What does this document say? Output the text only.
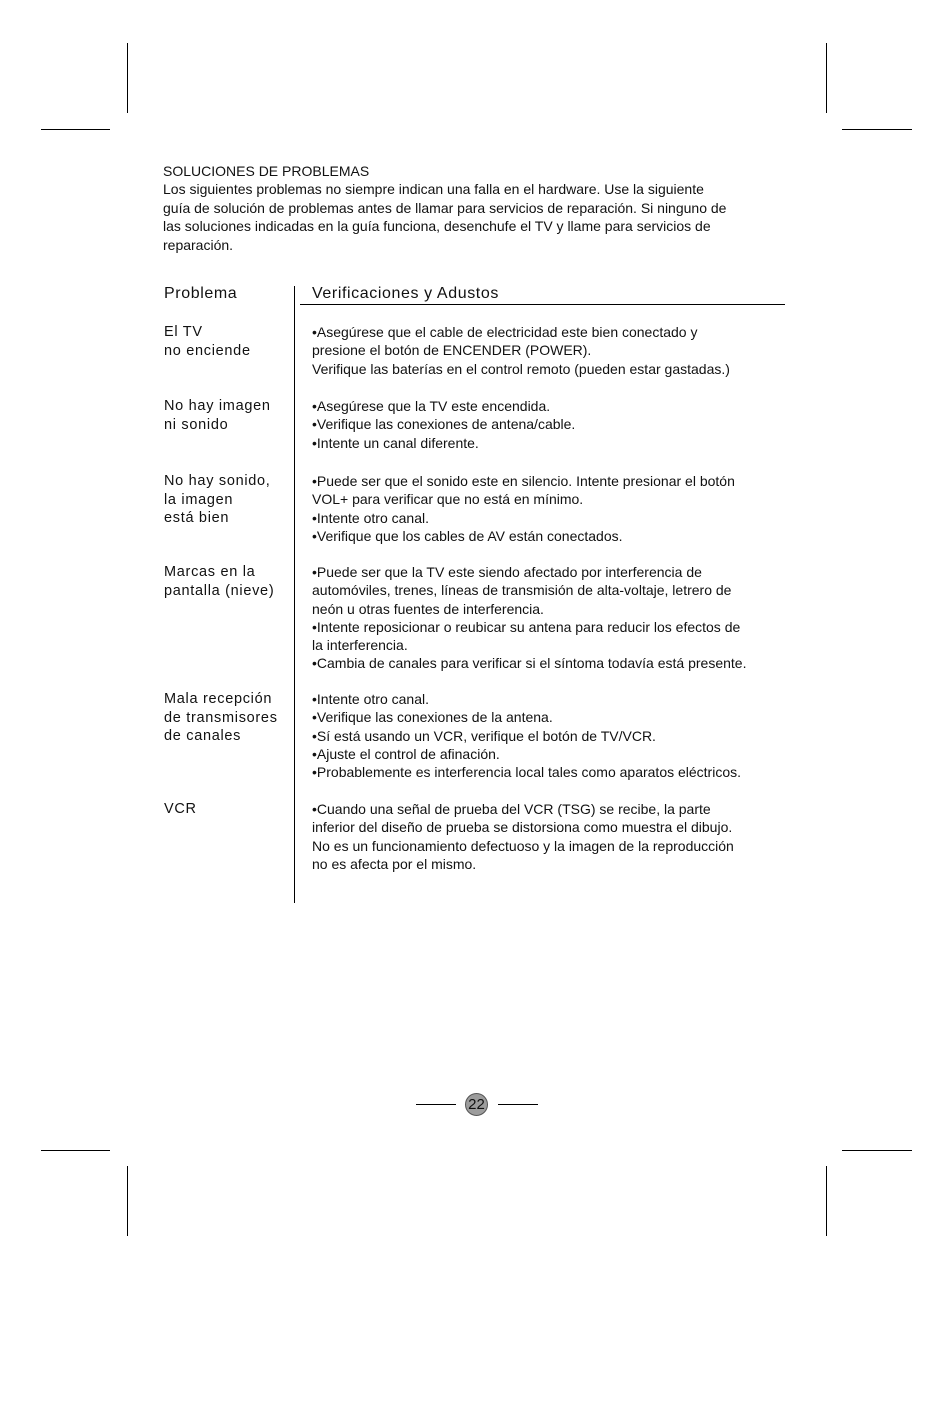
SOLUCIONES DE PROBLEMAS
Los siguientes problemas no siempre indican una falla en el hardware. Use la siguiente
guía de solución de problemas antes de llamar para servicios de reparación. Si ninguno de
las soluciones indicadas en la guía funciona, desenchufe el TV y llame para servicios de
reparación.
Problema	Verificaciones y Adustos
El TV
no enciende
•Asegúrese que el cable de electricidad este bien conectado y
presione el botón de ENCENDER (POWER).
Verifique las baterías en el control remoto (pueden estar gastadas.)
No hay imagen
ni sonido
•Asegúrese que la TV este encendida.
•Verifique las conexiones de antena/cable.
•Intente un canal diferente.
No hay sonido,
la imagen
está bien
•Puede ser que el sonido este en silencio. Intente presionar el botón
VOL+ para verificar que no está en mínimo.
•Intente otro canal.
•Verifique que los cables de AV están conectados.
Marcas en la
pantalla (nieve)
•Puede ser que la TV este siendo afectado por interferencia de
automóviles, trenes, líneas de transmisión de alta-voltaje, letrero de
neón u otras fuentes de interferencia.
•Intente reposicionar o reubicar su antena para reducir los efectos de
la interferencia.
•Cambia de canales para verificar si el síntoma todavía está presente.
Mala recepción
de transmisores
de canales
•Intente otro canal.
•Verifique las conexiones de la antena.
•Sí está usando un VCR, verifique el botón de TV/VCR.
•Ajuste el control de afinación.
•Probablemente es interferencia local tales como aparatos eléctricos.
VCR	•Cuando una señal de prueba del VCR (TSG) se recibe, la parte
inferior del diseño de prueba se distorsiona como muestra el dibujo.
No es un funcionamiento defectuoso y la imagen de la reproducción
no es afecta por el mismo.
22
